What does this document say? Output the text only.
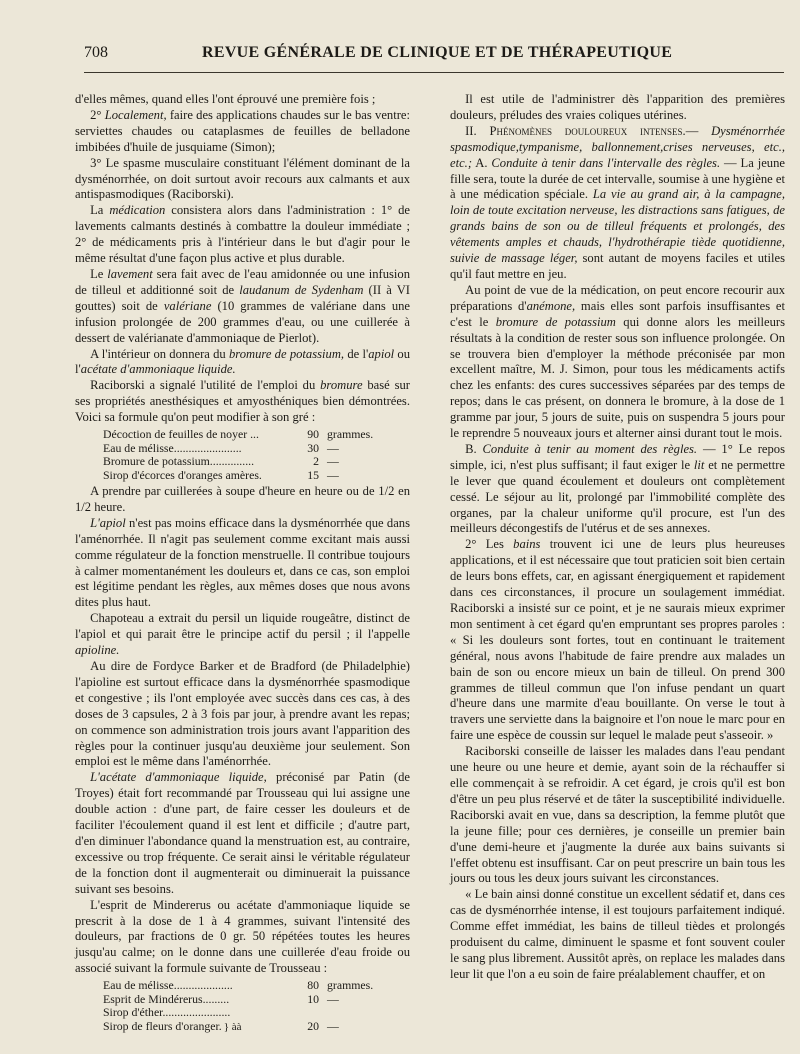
708	REVUE GÉNÉRALE DE CLINIQUE ET DE THÉRAPEUTIQUE

d'elles mêmes, quand elles l'ont éprouvé une première fois ;

2° Localement, faire des applications chaudes sur le bas ventre: serviettes chaudes ou cataplasmes de feuilles de belladone imbibées d'huile de jusquiame (Simon);

3° Le spasme musculaire constituant l'élément dominant de la dysménorrhée, on doit surtout avoir recours aux calmants et aux antispasmodiques (Raciborski).

La médication consistera alors dans l'administration : 1° de lavements calmants destinés à combattre la douleur immédiate ; 2° de médicaments pris à l'intérieur dans le but d'agir pour le même résultat d'une façon plus active et plus durable.

Le lavement sera fait avec de l'eau amidonnée ou une infusion de tilleul et additionné soit de laudanum de Sydenham (II à VI gouttes) soit de valériane (10 grammes de valériane dans une infusion prolongée de 200 grammes d'eau, ou une cuillerée à dessert de valérianate d'ammoniaque de Pierlot).

A l'intérieur on donnera du bromure de potassium, de l'apiol ou l'acétate d'ammoniaque liquide.

Raciborski a signalé l'utilité de l'emploi du bromure basé sur ses propriétés anesthésiques et amyosthéniques bien démontrées. Voici sa formule qu'on peut modifier à son gré :

Décoction de feuilles de noyer ...	90	grammes.
Eau de mélisse.......................	30	—
Bromure de potassium...............	2	—
Sirop d'écorces d'oranges amères.	15	—

A prendre par cuillerées à soupe d'heure en heure ou de 1/2 en 1/2 heure.

L'apiol n'est pas moins efficace dans la dysménorrhée que dans l'aménorrhée. Il n'agit pas seulement comme excitant mais aussi comme régulateur de la fonction menstruelle. Il contribue toujours à calmer momentanément les douleurs et, dans ce cas, son emploi est légitime pendant les règles, aux mêmes doses que nous avons dites plus haut.

Chapoteau a extrait du persil un liquide rougeâtre, distinct de l'apiol et qui parait être le principe actif du persil ; il l'appelle apioline.

Au dire de Fordyce Barker et de Bradford (de Philadelphie) l'apioline est surtout efficace dans la dysménorrhée spasmodique et congestive ; ils l'ont employée avec succès dans ces cas, à des doses de 3 capsules, 2 à 3 fois par jour, à prendre avant les repas; on commence son administration trois jours avant l'apparition des règles pour la continuer jusqu'au deuxième jour seulement. Son emploi est le même dans l'aménorrhée.

L'acétate d'ammoniaque liquide, préconisé par Patin (de Troyes) était fort recommandé par Trousseau qui lui assigne une double action : d'une part, de faire cesser les douleurs et de faciliter l'écoulement quand il est lent et difficile ; d'autre part, d'en diminuer l'abondance quand la menstruation est, au contraire, excessive ou trop fréquente. Ce serait ainsi le véritable régulateur de la fonction dont il augmenterait ou diminuerait la puissance suivant ses besoins.

L'esprit de Mindererus ou acétate d'ammoniaque liquide se prescrit à la dose de 1 à 4 grammes, suivant l'intensité des douleurs, par fractions de 0 gr. 50 répétées toutes les heures jusqu'au calme; on le donne dans une cuillerée d'eau froide ou associé suivant la formule suivante de Trousseau :

Eau de mélisse....................	80	grammes.
Esprit de Mindérerus.........	10	—
Sirop d'éther.......................		
Sirop de fleurs d'oranger. } àà	20	—

Il est utile de l'administrer dès l'apparition des premières douleurs, préludes des vraies coliques utérines.

II. Phénomènes douloureux intenses.— Dysménorrhée spasmodique,tympanisme, ballonnement,crises nerveuses, etc., etc.; A. Conduite à tenir dans l'intervalle des règles. — La jeune fille sera, toute la durée de cet intervalle, soumise à une hygiène et à une médication spéciale. La vie au grand air, à la campagne, loin de toute excitation nerveuse, les distractions sans fatigues, de grands bains de son ou de tilleul fréquents et prolongés, des vêtements amples et chauds, l'hydrothérapie tiède quotidienne, suivie de massage léger, sont autant de moyens faciles et utiles qu'il faut mettre en jeu.

Au point de vue de la médication, on peut encore recourir aux préparations d'anémone, mais elles sont parfois insuffisantes et c'est le bromure de potassium qui donne alors les meilleurs résultats à la condition de rester sous son influence prolongée. On se trouvera bien d'employer la méthode préconisée par mon excellent maître, M. J. Simon, pour tous les médicaments actifs chez les enfants: des cures successives séparées par des temps de repos; dans le cas présent, on donnera le bromure, à la dose de 1 gramme par jour, 5 jours de suite, puis on suspendra 5 jours pour le reprendre 5 nouveaux jours et alterner ainsi durant tout le mois.

B. Conduite à tenir au moment des règles. — 1° Le repos simple, ici, n'est plus suffisant; il faut exiger le lit et ne permettre le lever que quand écoulement et douleurs ont complètement cessé. Le séjour au lit, prolongé par l'immobilité complète des organes, par la chaleur uniforme qu'il procure, est l'un des meilleurs décongestifs de l'utérus et de ses annexes.

2° Les bains trouvent ici une de leurs plus heureuses applications, et il est nécessaire que tout praticien soit bien certain de leurs bons effets, car, en agissant énergiquement et rapidement dans ces circonstances, il procure un soulagement immédiat. Raciborski a insisté sur ce point, et je ne saurais mieux exprimer mon sentiment à cet égard qu'en empruntant ses propres paroles : « Si les douleurs sont fortes, tout en continuant le traitement général, nous avons l'habitude de faire prendre aux malades un bain de son ou encore mieux un bain de tilleul. On prend 300 grammes de tilleul commun que l'on infuse pendant un quart d'heure dans une marmite d'eau bouillante. On verse le tout à travers une serviette dans la baignoire et l'on noue le marc pour en faire une espèce de coussin sur lequel le malade peut s'asseoir. »

Raciborski conseille de laisser les malades dans l'eau pendant une heure ou une heure et demie, ayant soin de la réchauffer si elle commençait à se refroidir. A cet égard, je crois qu'il est bon d'être un peu plus réservé et de tâter la susceptibilité individuelle. Raciborski avait en vue, dans sa description, la femme plutôt que la jeune fille; pour ces dernières, je conseille un premier bain d'une demi-heure et j'augmente la durée aux bains suivants si l'effet obtenu est insuffisant. Car on peut prescrire un bain tous les jours ou tous les deux jours suivant les circonstances.

« Le bain ainsi donné constitue un excellent sédatif et, dans ces cas de dysménorrhée intense, il est toujours parfaitement indiqué. Comme effet immédiat, les bains de tilleul tièdes et prolongés produisent du calme, diminuent le spasme et font souvent couler le sang plus librement. Aussitôt après, on replace les malades dans leur lit que l'on a eu soin de faire préalablement chauffer, et on
